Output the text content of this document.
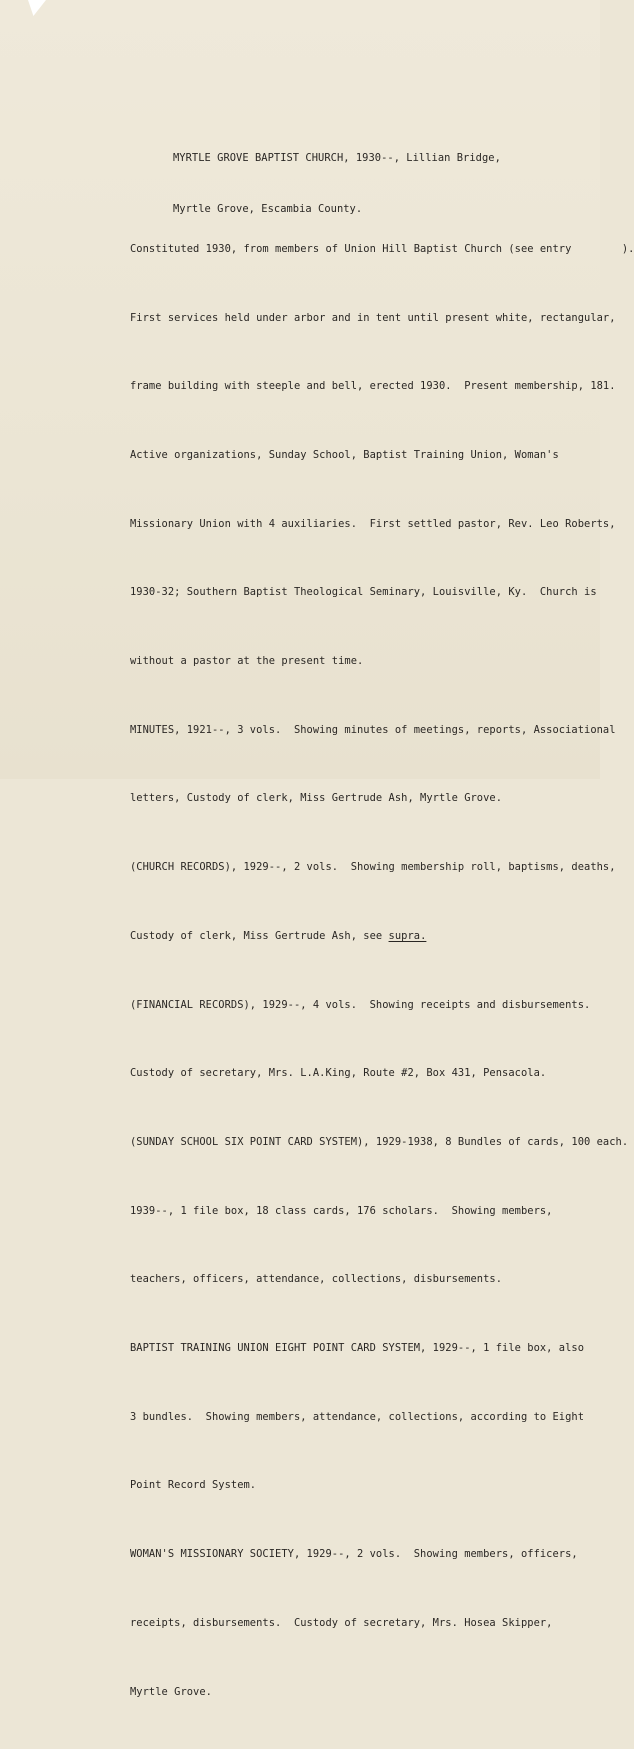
MYRTLE GROVE BAPTIST CHURCH, 1930--, Lillian Bridge,

Myrtle Grove, Escambia County.

Constituted 1930, from members of Union Hill Baptist Church (see entry        ).

First services held under arbor and in tent until present white, rectangular,

frame building with steeple and bell, erected 1930.  Present membership, 181.

Active organizations, Sunday School, Baptist Training Union, Woman's

Missionary Union with 4 auxiliaries.  First settled pastor, Rev. Leo Roberts,

1930-32; Southern Baptist Theological Seminary, Louisville, Ky.  Church is

without a pastor at the present time.

MINUTES, 1921--, 3 vols.  Showing minutes of meetings, reports, Associational

letters, Custody of clerk, Miss Gertrude Ash, Myrtle Grove.

(CHURCH RECORDS), 1929--, 2 vols.  Showing membership roll, baptisms, deaths,

Custody of clerk, Miss Gertrude Ash, see supra.

(FINANCIAL RECORDS), 1929--, 4 vols.  Showing receipts and disbursements.

Custody of secretary, Mrs. L.A.King, Route #2, Box 431, Pensacola.

(SUNDAY SCHOOL SIX POINT CARD SYSTEM), 1929-1938, 8 Bundles of cards, 100 each.

1939--, 1 file box, 18 class cards, 176 scholars.  Showing members,

teachers, officers, attendance, collections, disbursements.

BAPTIST TRAINING UNION EIGHT POINT CARD SYSTEM, 1929--, 1 file box, also

3 bundles.  Showing members, attendance, collections, according to Eight

Point Record System.

WOMAN'S MISSIONARY SOCIETY, 1929--, 2 vols.  Showing members, officers,

receipts, disbursements.  Custody of secretary, Mrs. Hosea Skipper,

Myrtle Grove.
